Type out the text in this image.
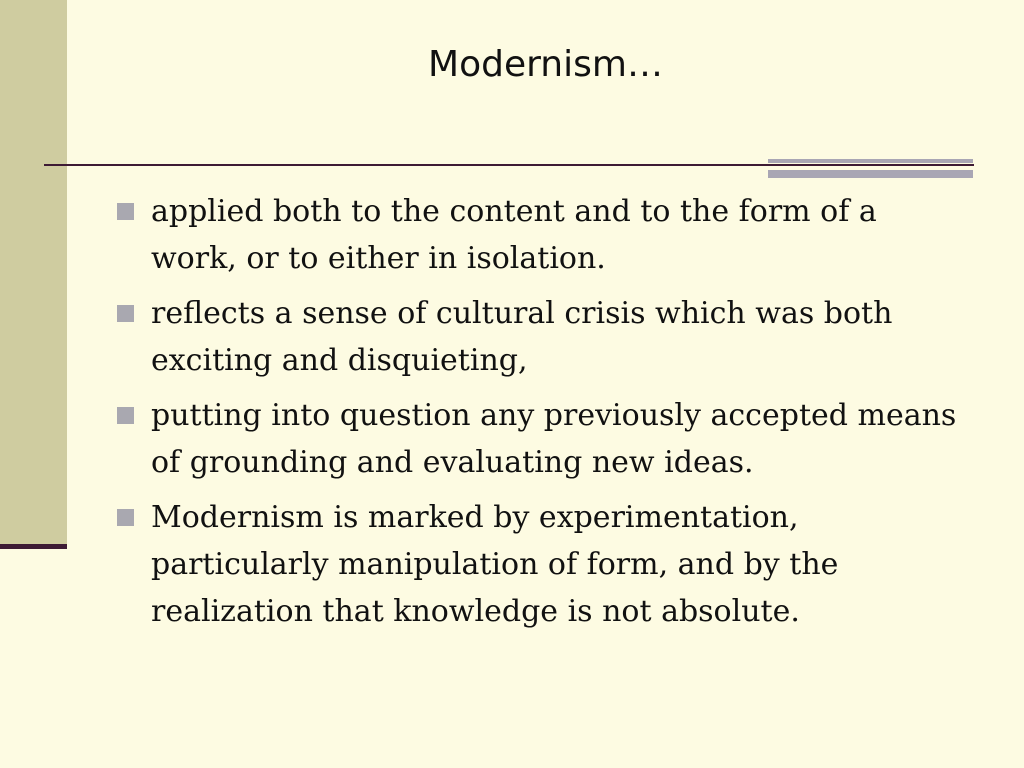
Modernism…
applied both to the content and to the form of a work, or to either in isolation.
reflects a sense of cultural crisis which was both exciting and disquieting,
putting into question any previously accepted means of grounding and evaluating new ideas.
Modernism is marked by experimentation, particularly manipulation of form, and by the realization that knowledge is not absolute.
